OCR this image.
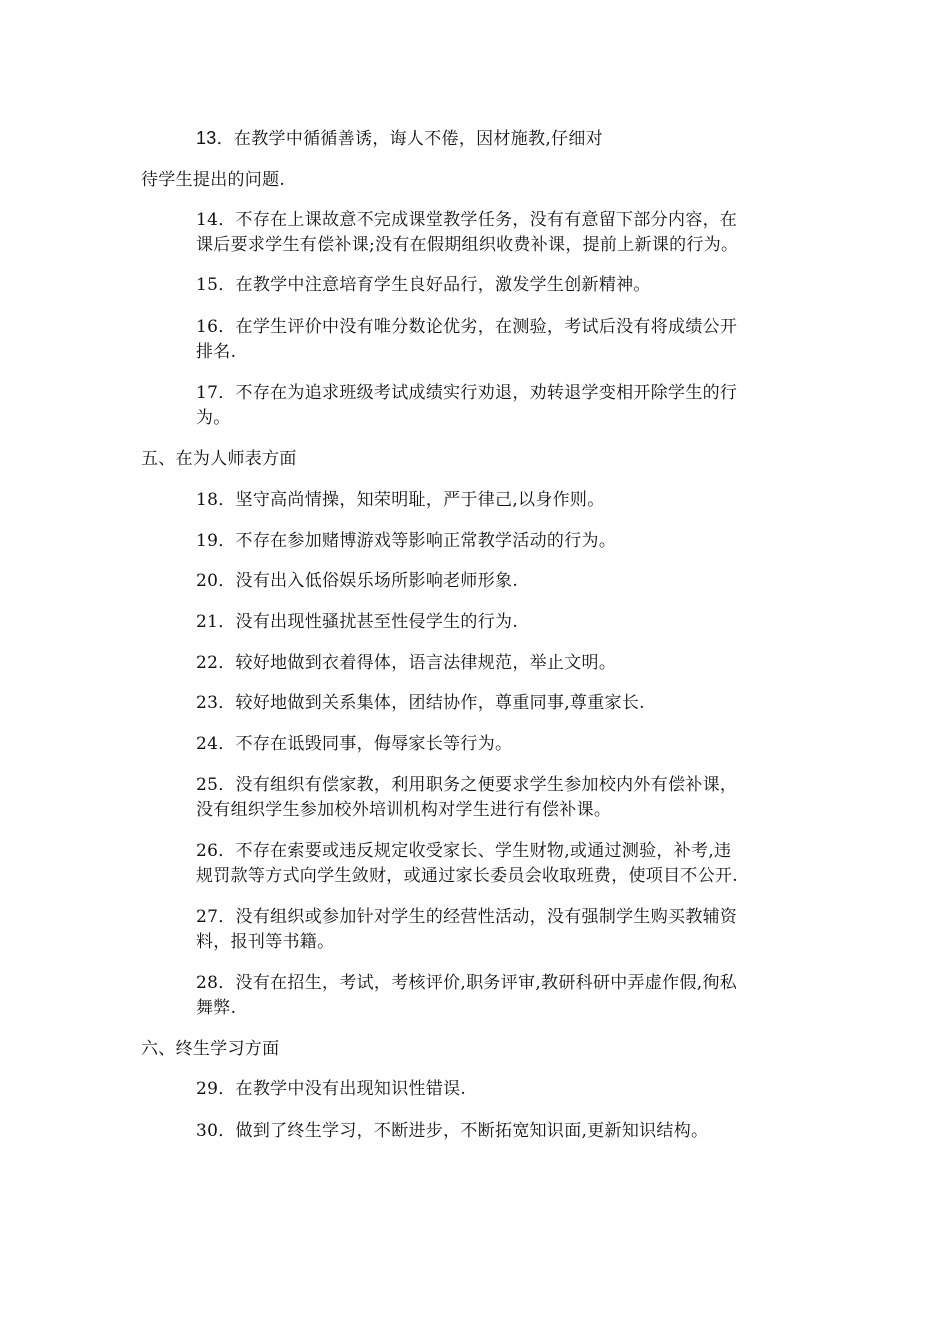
13．在教学中循循善诱，诲人不倦，因材施教,仔细对
待学生提出的问题.
14．不存在上课故意不完成课堂教学任务，没有有意留下部分内容，在
课后要求学生有偿补课;没有在假期组织收费补课，提前上新课的行为。
15．在教学中注意培育学生良好品行，激发学生创新精神。
16．在学生评价中没有唯分数论优劣，在测验，考试后没有将成绩公开
排名.
17．不存在为追求班级考试成绩实行劝退，劝转退学变相开除学生的行
为。
五、在为人师表方面
18．坚守高尚情操，知荣明耻，严于律己,以身作则。
19．不存在参加赌博游戏等影响正常教学活动的行为。
20．没有出入低俗娱乐场所影响老师形象.
21．没有出现性骚扰甚至性侵学生的行为.
22．较好地做到衣着得体，语言法律规范，举止文明。
23．较好地做到关系集体，团结协作，尊重同事,尊重家长.
24．不存在诋毁同事，侮辱家长等行为。
25．没有组织有偿家教，利用职务之便要求学生参加校内外有偿补课，
没有组织学生参加校外培训机构对学生进行有偿补课。
26．不存在索要或违反规定收受家长、学生财物,或通过测验，补考,违
规罚款等方式向学生敛财，或通过家长委员会收取班费，使项目不公开.
27．没有组织或参加针对学生的经营性活动，没有强制学生购买教辅资
料，报刊等书籍。
28．没有在招生，考试，考核评价,职务评审,教研科研中弄虚作假,徇私
舞弊.
六、终生学习方面
29．在教学中没有出现知识性错误.
30．做到了终生学习，不断进步，不断拓宽知识面,更新知识结构。
